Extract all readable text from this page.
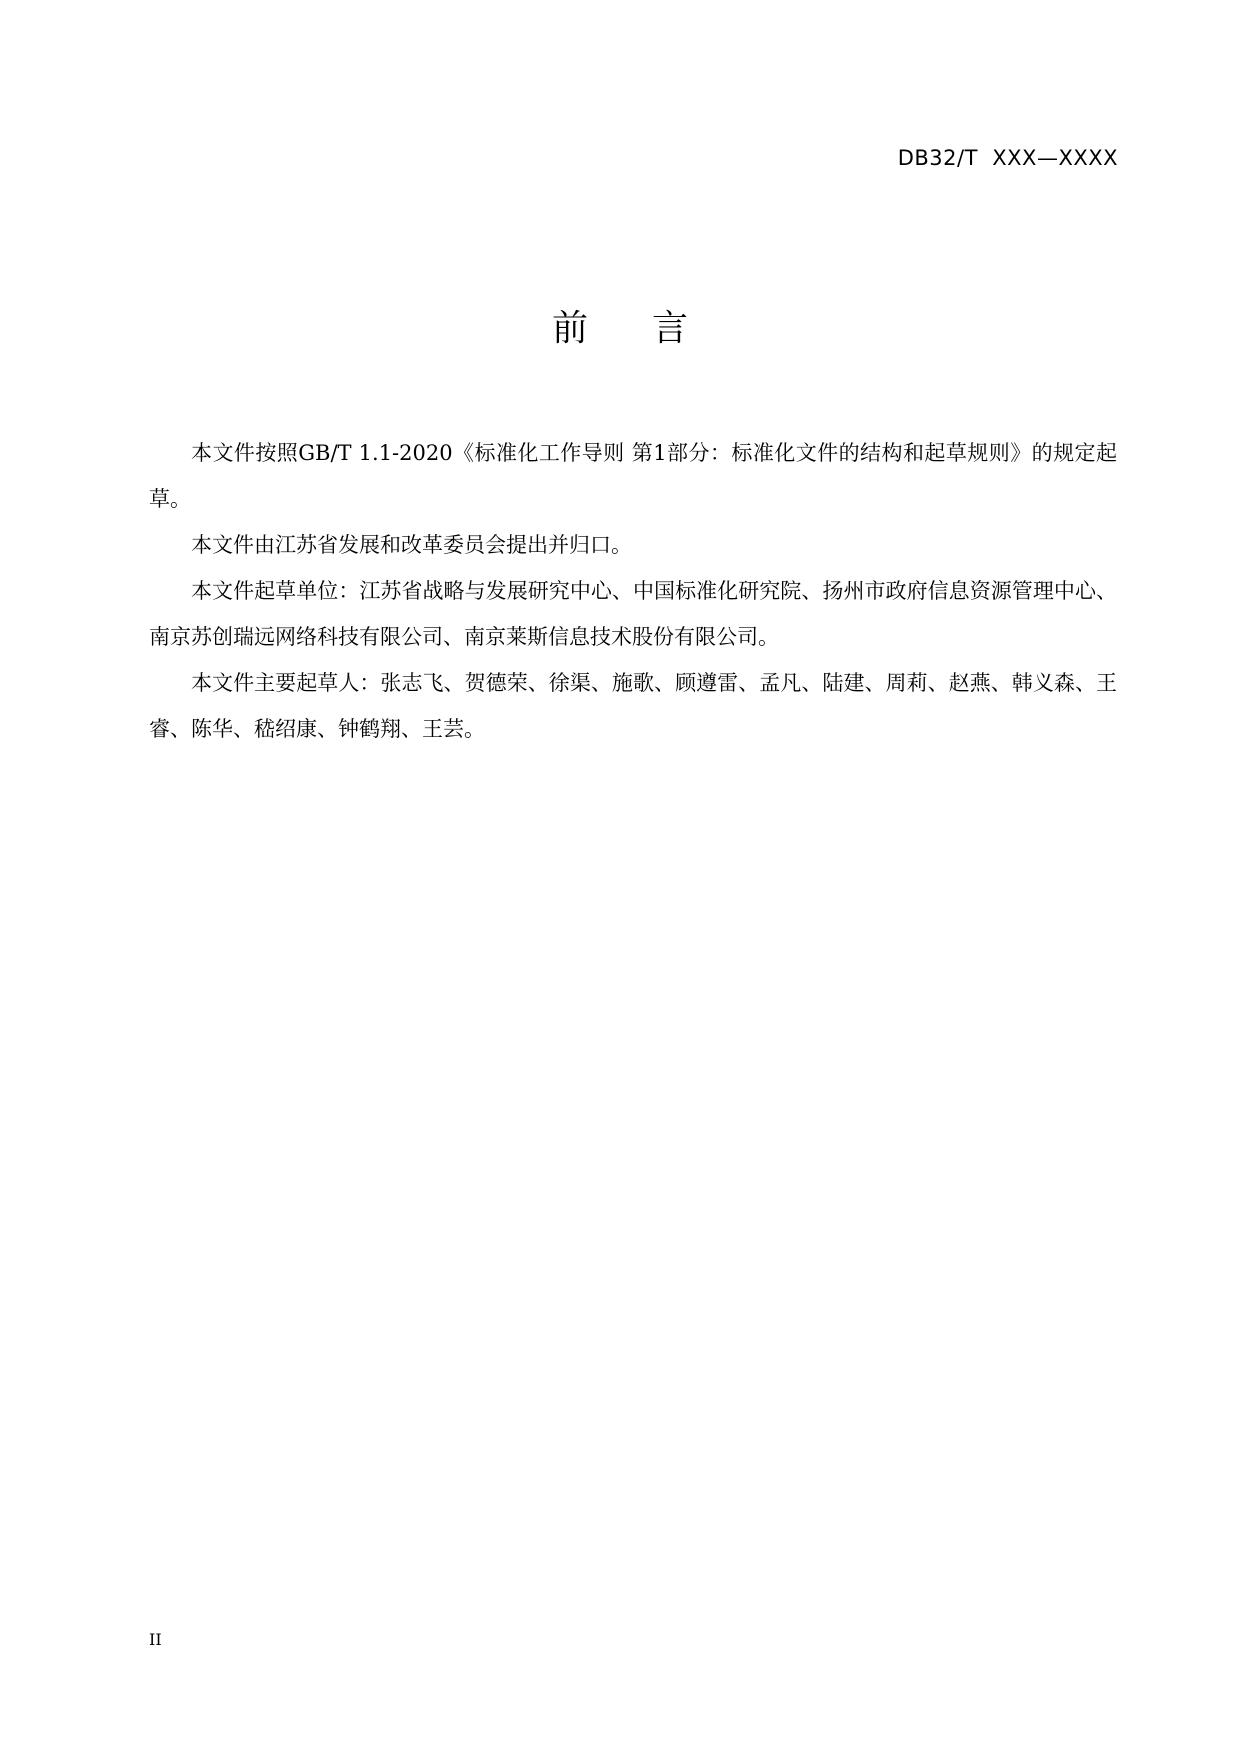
DB32/T  XXX—XXXX
前 言

本文件按照GB/T 1.1-2020《标准化工作导则 第1部分：标准化文件的结构和起草规则》的规定起草。

本文件由江苏省发展和改革委员会提出并归口。

本文件起草单位：江苏省战略与发展研究中心、中国标准化研究院、扬州市政府信息资源管理中心、南京苏创瑞远网络科技有限公司、南京莱斯信息技术股份有限公司。

本文件主要起草人：张志飞、贺德荣、徐渠、施歌、顾遵雷、孟凡、陆建、周莉、赵燕、韩义森、王睿、陈华、嵇绍康、钟鹤翔、王芸。

II
